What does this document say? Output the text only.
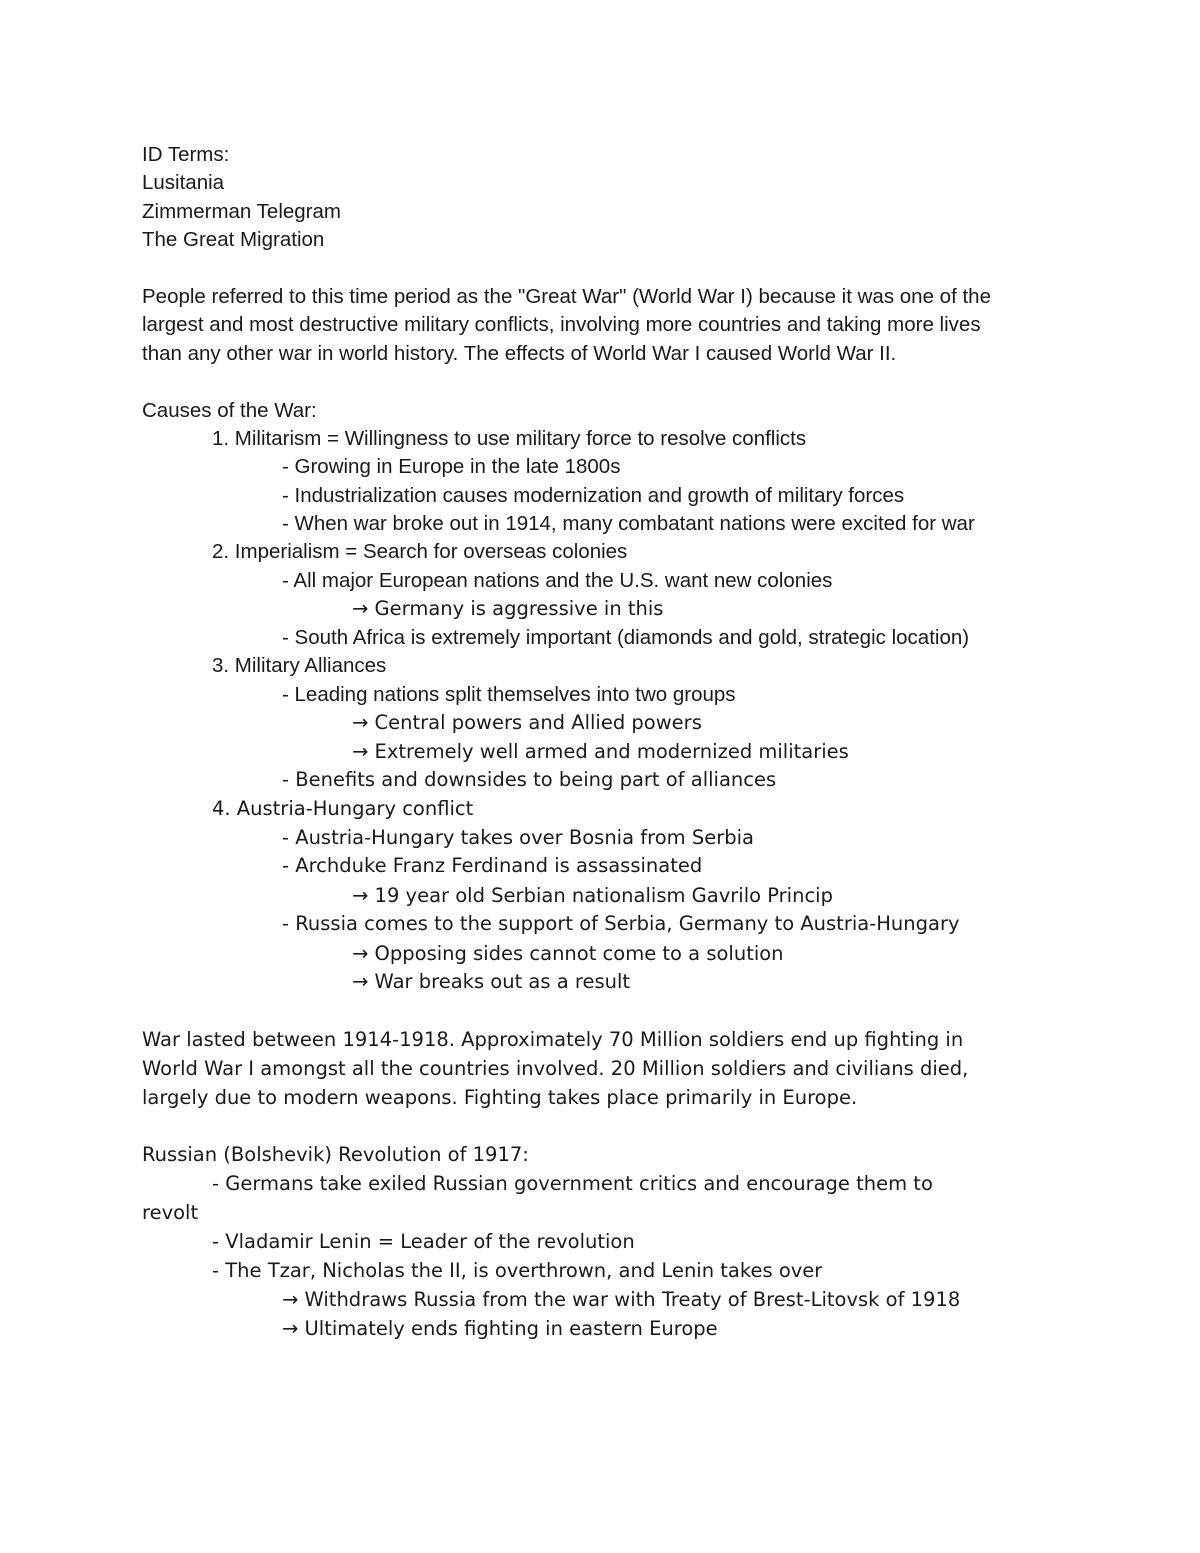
ID Terms:
Lusitania
Zimmerman Telegram
The Great Migration
People referred to this time period as the "Great War" (World War I) because it was one of the
largest and most destructive military conflicts, involving more countries and taking more lives
than any other war in world history. The effects of World War I caused World War II.
Causes of the War:
1. Militarism = Willingness to use military force to resolve conflicts
- Growing in Europe in the late 1800s
- Industrialization causes modernization and growth of military forces
- When war broke out in 1914, many combatant nations were excited for war
2. Imperialism = Search for overseas colonies
- All major European nations and the U.S. want new colonies
→ Germany is aggressive in this
- South Africa is extremely important (diamonds and gold, strategic location)
3. Military Alliances
- Leading nations split themselves into two groups
→ Central powers and Allied powers
→ Extremely well armed and modernized militaries
- Benefits and downsides to being part of alliances
4. Austria-Hungary conflict
- Austria-Hungary takes over Bosnia from Serbia
- Archduke Franz Ferdinand is assassinated
→ 19 year old Serbian nationalism Gavrilo Princip
- Russia comes to the support of Serbia, Germany to Austria-Hungary
→ Opposing sides cannot come to a solution
→ War breaks out as a result
War lasted between 1914-1918. Approximately 70 Million soldiers end up fighting in
World War I amongst all the countries involved. 20 Million soldiers and civilians died,
largely due to modern weapons. Fighting takes place primarily in Europe.
Russian (Bolshevik) Revolution of 1917:
- Germans take exiled Russian government critics and encourage them to
revolt
- Vladamir Lenin = Leader of the revolution
- The Tzar, Nicholas the II, is overthrown, and Lenin takes over
→ Withdraws Russia from the war with Treaty of Brest-Litovsk of 1918
→ Ultimately ends fighting in eastern Europe
